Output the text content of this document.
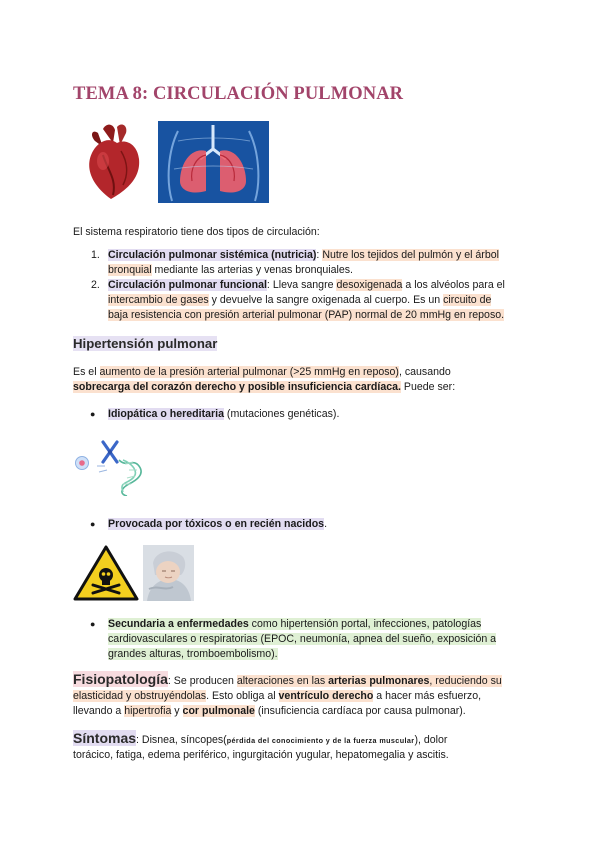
TEMA 8: CIRCULACIÓN PULMONAR
El sistema respiratorio tiene dos tipos de circulación:
1. Circulación pulmonar sistémica (nutricia): Nutre los tejidos del pulmón y el árbol
bronquial mediante las arterias y venas bronquiales.
2. Circulación pulmonar funcional: Lleva sangre desoxigenada a los alvéolos para el
intercambio de gases y devuelve la sangre oxigenada al cuerpo. Es un circuito de
baja resistencia con presión arterial pulmonar (PAP) normal de 20 mmHg en reposo.
Hipertensión pulmonar
Es el aumento de la presión arterial pulmonar (>25 mmHg en reposo), causando
sobrecarga del corazón derecho y posible insuficiencia cardíaca. Puede ser:
● Idiopática o hereditaria (mutaciones genéticas).
● Provocada por tóxicos o en recién nacidos.
● Secundaria a enfermedades como hipertensión portal, infecciones, patologías
cardiovasculares o respiratorias (EPOC, neumonía, apnea del sueño, exposición a
grandes alturas, tromboembolismo).
Fisiopatología: Se producen alteraciones en las arterias pulmonares, reduciendo su
elasticidad y obstruyéndolas. Esto obliga al ventrículo derecho a hacer más esfuerzo,
llevando a hipertrofia y cor pulmonale (insuficiencia cardíaca por causa pulmonar).
Síntomas: Disnea, síncopes(pérdida del conocimiento y de la fuerza muscular), dolor
torácico, fatiga, edema periférico, ingurgitación yugular, hepatomegalia y ascitis.
